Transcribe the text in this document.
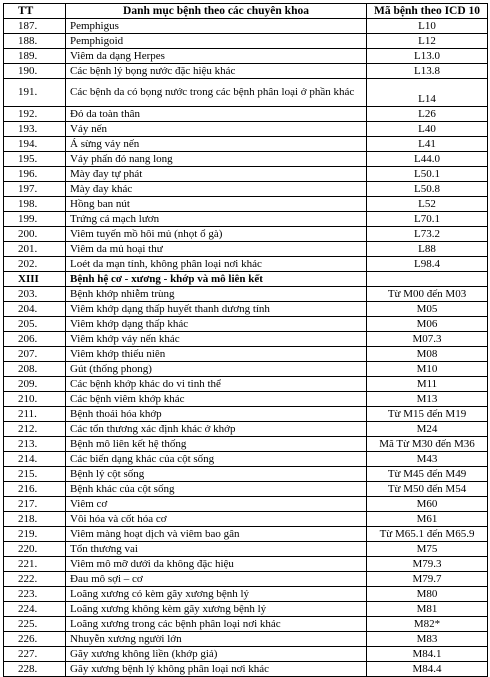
TT	Danh mục bệnh theo các chuyên khoa	Mã bệnh theo ICD 10
187.	Pemphigus	L10
188.	Pemphigoid	L12
189.	Viêm da dạng Herpes	L13.0
190.	Các bệnh lý bọng nước đặc hiệu khác	L13.8
191.	Các bệnh da có bọng nước trong các bệnh phân loại ở phần khác	L14
192.	Đỏ da toàn thân	L26
193.	Vảy nến	L40
194.	Á sừng vảy nến	L41
195.	Vảy phấn đỏ nang long	L44.0
196.	Mày đay tự phát	L50.1
197.	Mày đay khác	L50.8
198.	Hồng ban nút	L52
199.	Trứng cá mạch lươn	L70.1
200.	Viêm tuyến mồ hôi mủ (nhọt ổ gà)	L73.2
201.	Viêm da mủ hoại thư	L88
202.	Loét da mạn tính, không phân loại nơi khác	L98.4
XIII	Bệnh hệ cơ - xương - khớp và mô liên kết	
203.	Bệnh khớp nhiễm trùng	Từ M00 đến M03
204.	Viêm khớp dạng thấp huyết thanh dương tính	M05
205.	Viêm khớp dạng thấp khác	M06
206.	Viêm khớp vảy nến khác	M07.3
207.	Viêm khớp thiếu niên	M08
208.	Gút (thống phong)	M10
209.	Các bệnh khớp khác do vi tinh thể	M11
210.	Các bệnh viêm khớp khác	M13
211.	Bệnh thoái hóa khớp	Từ M15 đến M19
212.	Các tổn thương xác định khác ở khớp	M24
213.	Bệnh mô liên kết hệ thống	Mã Từ M30 đến M36
214.	Các biến dạng khác của cột sống	M43
215.	Bệnh lý cột sống	Từ M45 đến M49
216.	Bệnh khác của cột sống	Từ M50 đến M54
217.	Viêm cơ	M60
218.	Vôi hóa và cốt hóa cơ	M61
219.	Viêm màng hoạt dịch và viêm bao gân	Từ M65.1 đến M65.9
220.	Tổn thương vai	M75
221.	Viêm mô mỡ dưới da không đặc hiệu	M79.3
222.	Đau mô sợi – cơ	M79.7
223.	Loãng xương có kèm gãy xương bệnh lý	M80
224.	Loãng xương không kèm gãy xương bệnh lý	M81
225.	Loãng xương trong các bệnh phân loại nơi khác	M82*
226.	Nhuyễn xương người lớn	M83
227.	Gãy xương không liền (khớp giả)	M84.1
228.	Gãy xương bệnh lý không phân loại nơi khác	M84.4
